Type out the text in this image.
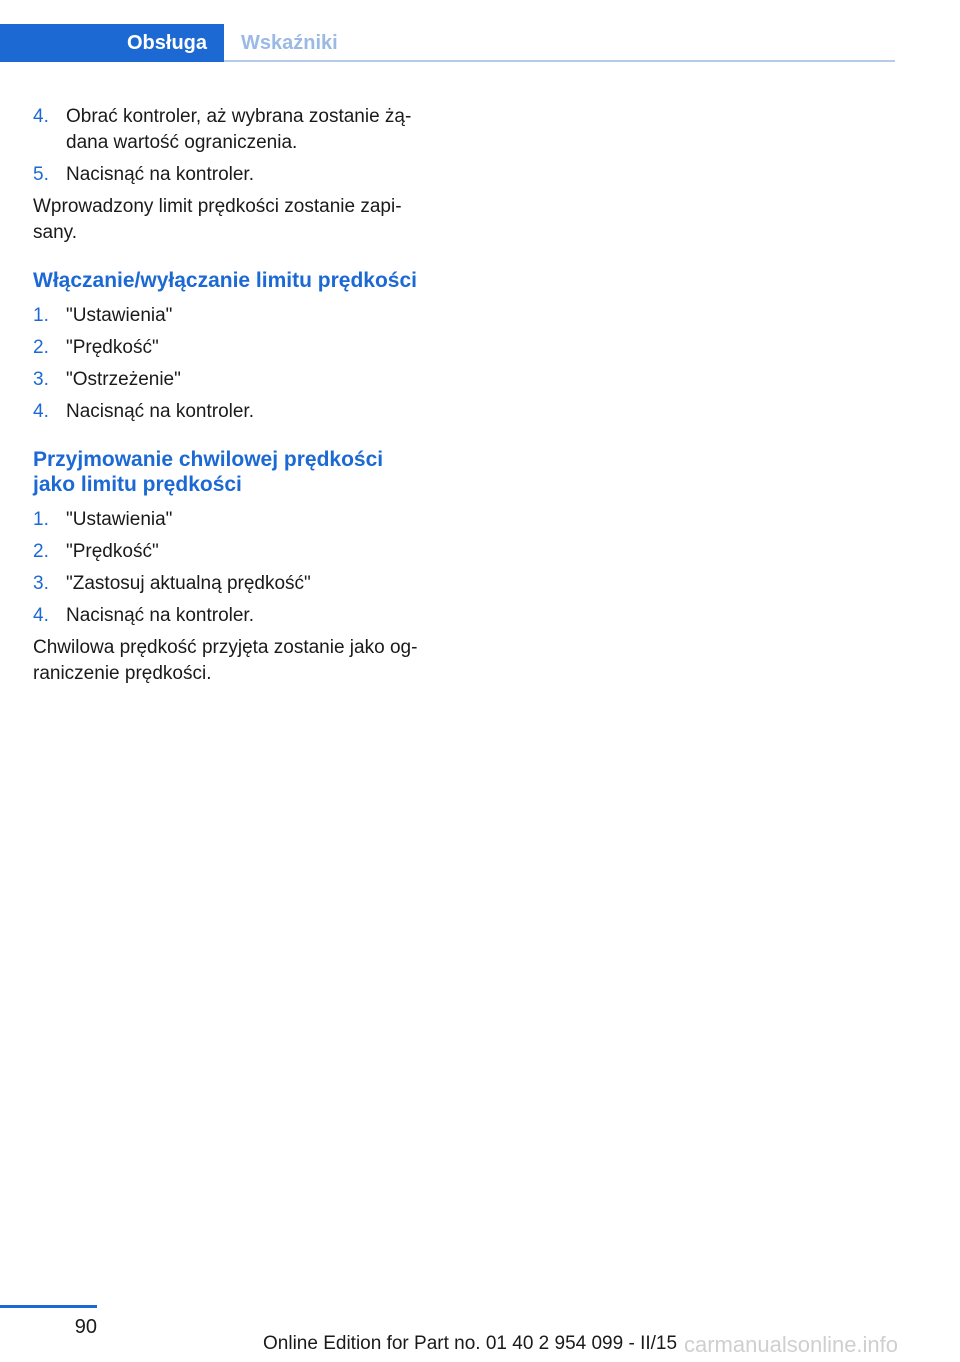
Obsługa Wskaźniki
4. Obrać kontroler, aż wybrana zostanie żą-
dana wartość ograniczenia.
5. Nacisnąć na kontroler.

Wprowadzony limit prędkości zostanie zapi-
sany.

Włączanie/wyłączanie limitu prędkości
1. "Ustawienia"
2. "Prędkość"
3. "Ostrzeżenie"
4. Nacisnąć na kontroler.
Przyjmowanie chwilowej prędkości
jako limitu prędkości
1. "Ustawienia"
2. "Prędkość"
3. "Zastosuj aktualną prędkość"
4. Nacisnąć na kontroler.

Chwilowa prędkość przyjęta zostanie jako og-
raniczenie prędkości.

90
Online Edition for Part no. 01 40 2 954 099 - II/15 carmanualsonline.info
